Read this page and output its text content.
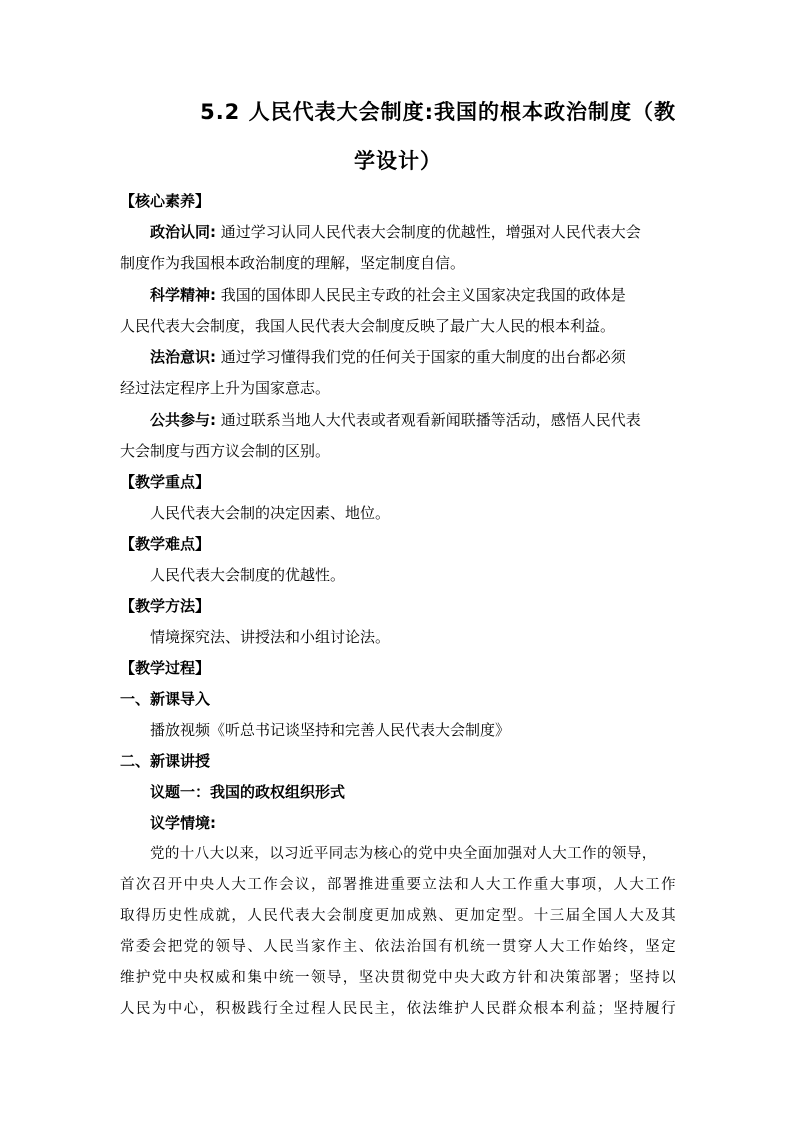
5.2 人民代表大会制度:我国的根本政治制度（教
学设计）
【核心素养】
政治认同: 通过学习认同人民代表大会制度的优越性，增强对人民代表大会
制度作为我国根本政治制度的理解，坚定制度自信。
科学精神: 我国的国体即人民民主专政的社会主义国家决定我国的政体是
人民代表大会制度，我国人民代表大会制度反映了最广大人民的根本利益。
法治意识: 通过学习懂得我们党的任何关于国家的重大制度的出台都必须
经过法定程序上升为国家意志。
公共参与: 通过联系当地人大代表或者观看新闻联播等活动，感悟人民代表
大会制度与西方议会制的区别。
【教学重点】
人民代表大会制的决定因素、地位。
【教学难点】
人民代表大会制度的优越性。
【教学方法】
情境探究法、讲授法和小组讨论法。
【教学过程】
一、新课导入
播放视频《听总书记谈坚持和完善人民代表大会制度》
二、新课讲授
议题一：我国的政权组织形式
议学情境:
党的十八大以来，以习近平同志为核心的党中央全面加强对人大工作的领导，
首次召开中央人大工作会议，部署推进重要立法和人大工作重大事项，人大工作
取得历史性成就，人民代表大会制度更加成熟、更加定型。十三届全国人大及其
常委会把党的领导、人民当家作主、依法治国有机统一贯穿人大工作始终，坚定
维护党中央权威和集中统一领导，坚决贯彻党中央大政方针和决策部署；坚持以
人民为中心，积极践行全过程人民民主，依法维护人民群众根本利益；坚持履行
